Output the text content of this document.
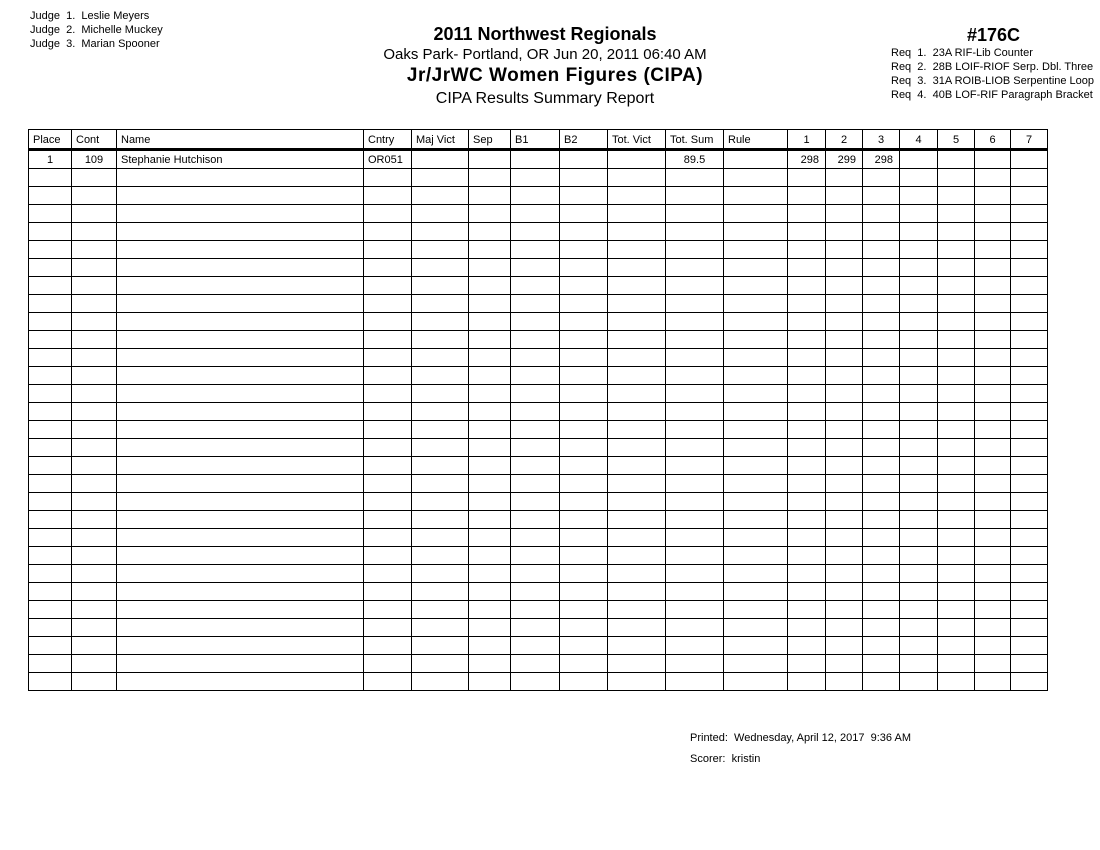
Judge  1. Leslie Meyers
Judge  2. Michelle Muckey
Judge  3. Marian Spooner	2011 Northwest Regionals
Oaks Park- Portland, OR Jun 20, 2011 06:40 AM
Jr/JrWC Women Figures (CIPA)
CIPA Results Summary Report
#176C
Req  1. 23A RIF-Lib Counter
Req  2. 28B LOIF-RIOF Serp. Dbl. Three
Req  3. 31A ROIB-LIOB Serpentine Loop
Req  4. 40B LOF-RIF Paragraph Bracket
Place	Cont	Name	Cntry	Maj Vict	Sep	B1	B2	Tot. Vict	Tot. Sum	Rule	1	2	3	4	5	6	7
1	109	Stephanie Hutchison	OR051						89.5		298	299	298				

Printed: Wednesday, April 12, 2017  9:36 AM
Scorer: kristin
